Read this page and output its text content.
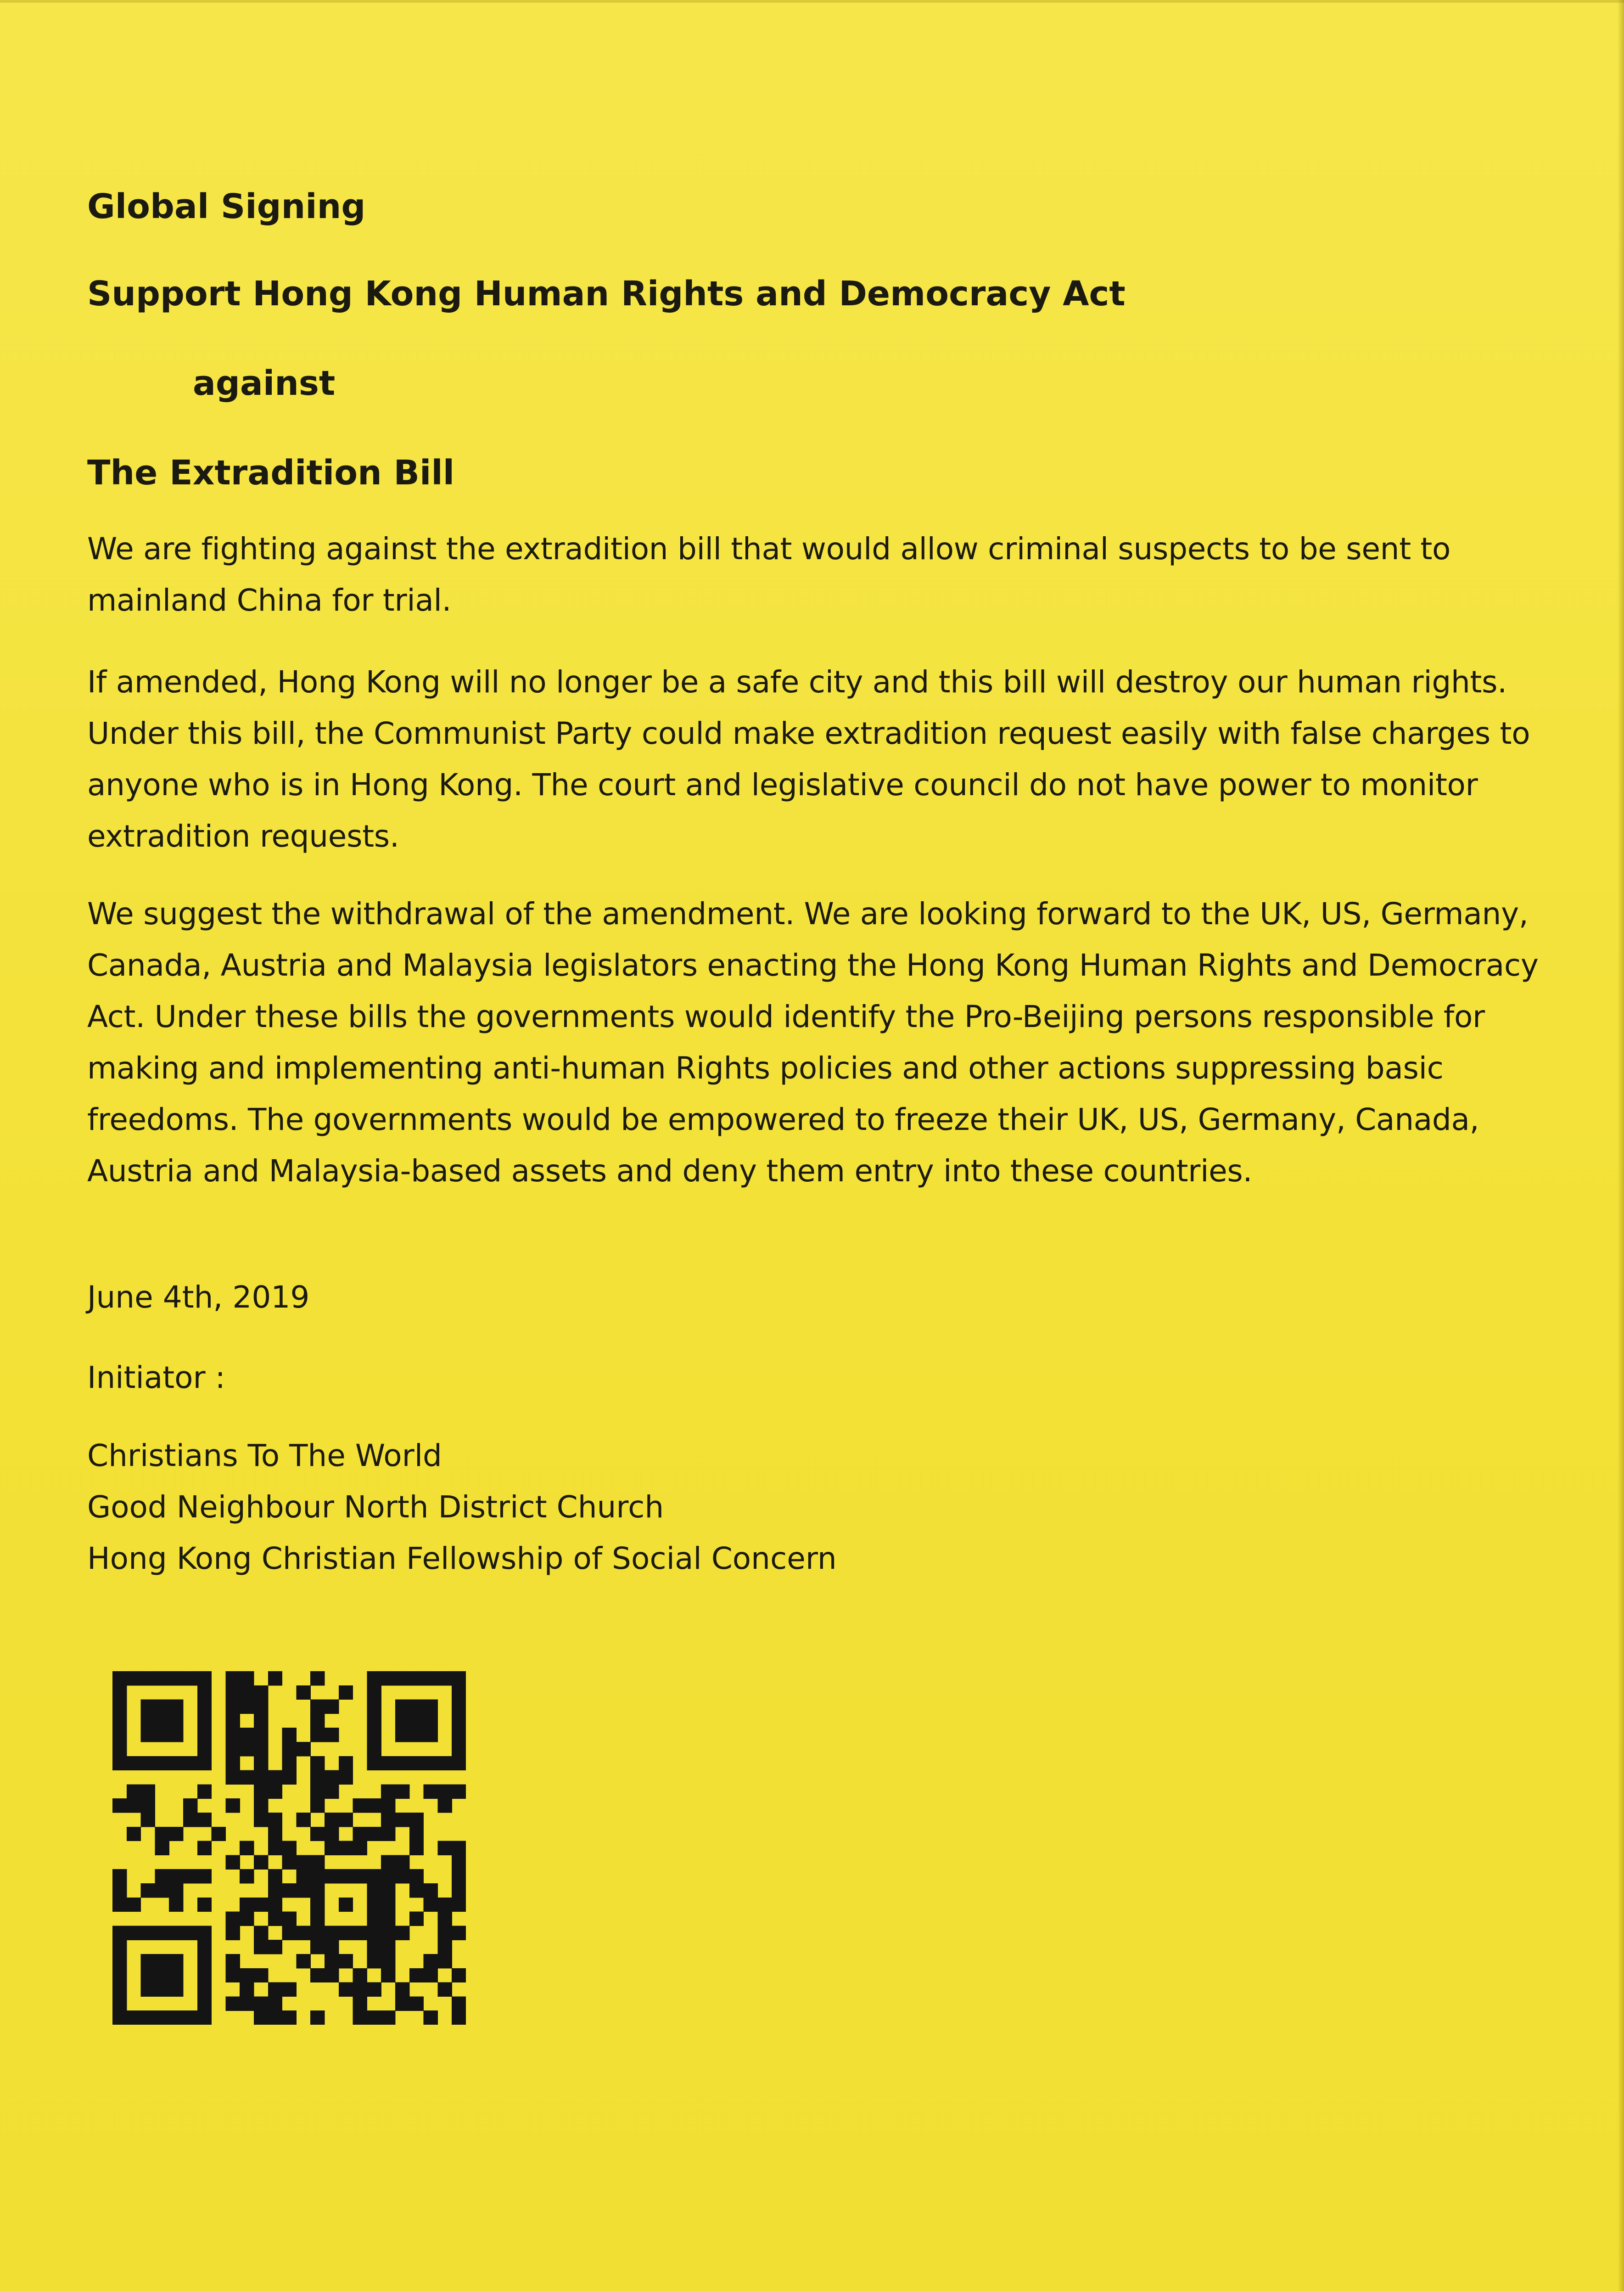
Global Signing
Support Hong Kong Human Rights and Democracy Act
against
The Extradition Bill

We are fighting against the extradition bill that would allow criminal suspects to be sent to mainland China for trial.

If amended, Hong Kong will no longer be a safe city and this bill will destroy our human rights. Under this bill, the Communist Party could make extradition request easily with false charges to anyone who is in Hong Kong. The court and legislative council do not have power to monitor extradition requests.

We suggest the withdrawal of the amendment. We are looking forward to the UK, US, Germany, Canada, Austria and Malaysia legislators enacting the Hong Kong Human Rights and Democracy Act. Under these bills the governments would identify the Pro-Beijing persons responsible for making and implementing anti-human Rights policies and other actions suppressing basic freedoms. The governments would be empowered to freeze their UK, US, Germany, Canada, Austria and Malaysia-based assets and deny them entry into these countries.

June 4th, 2019

Initiator :

Christians To The World

Good Neighbour North District Church

Hong Kong Christian Fellowship of Social Concern
